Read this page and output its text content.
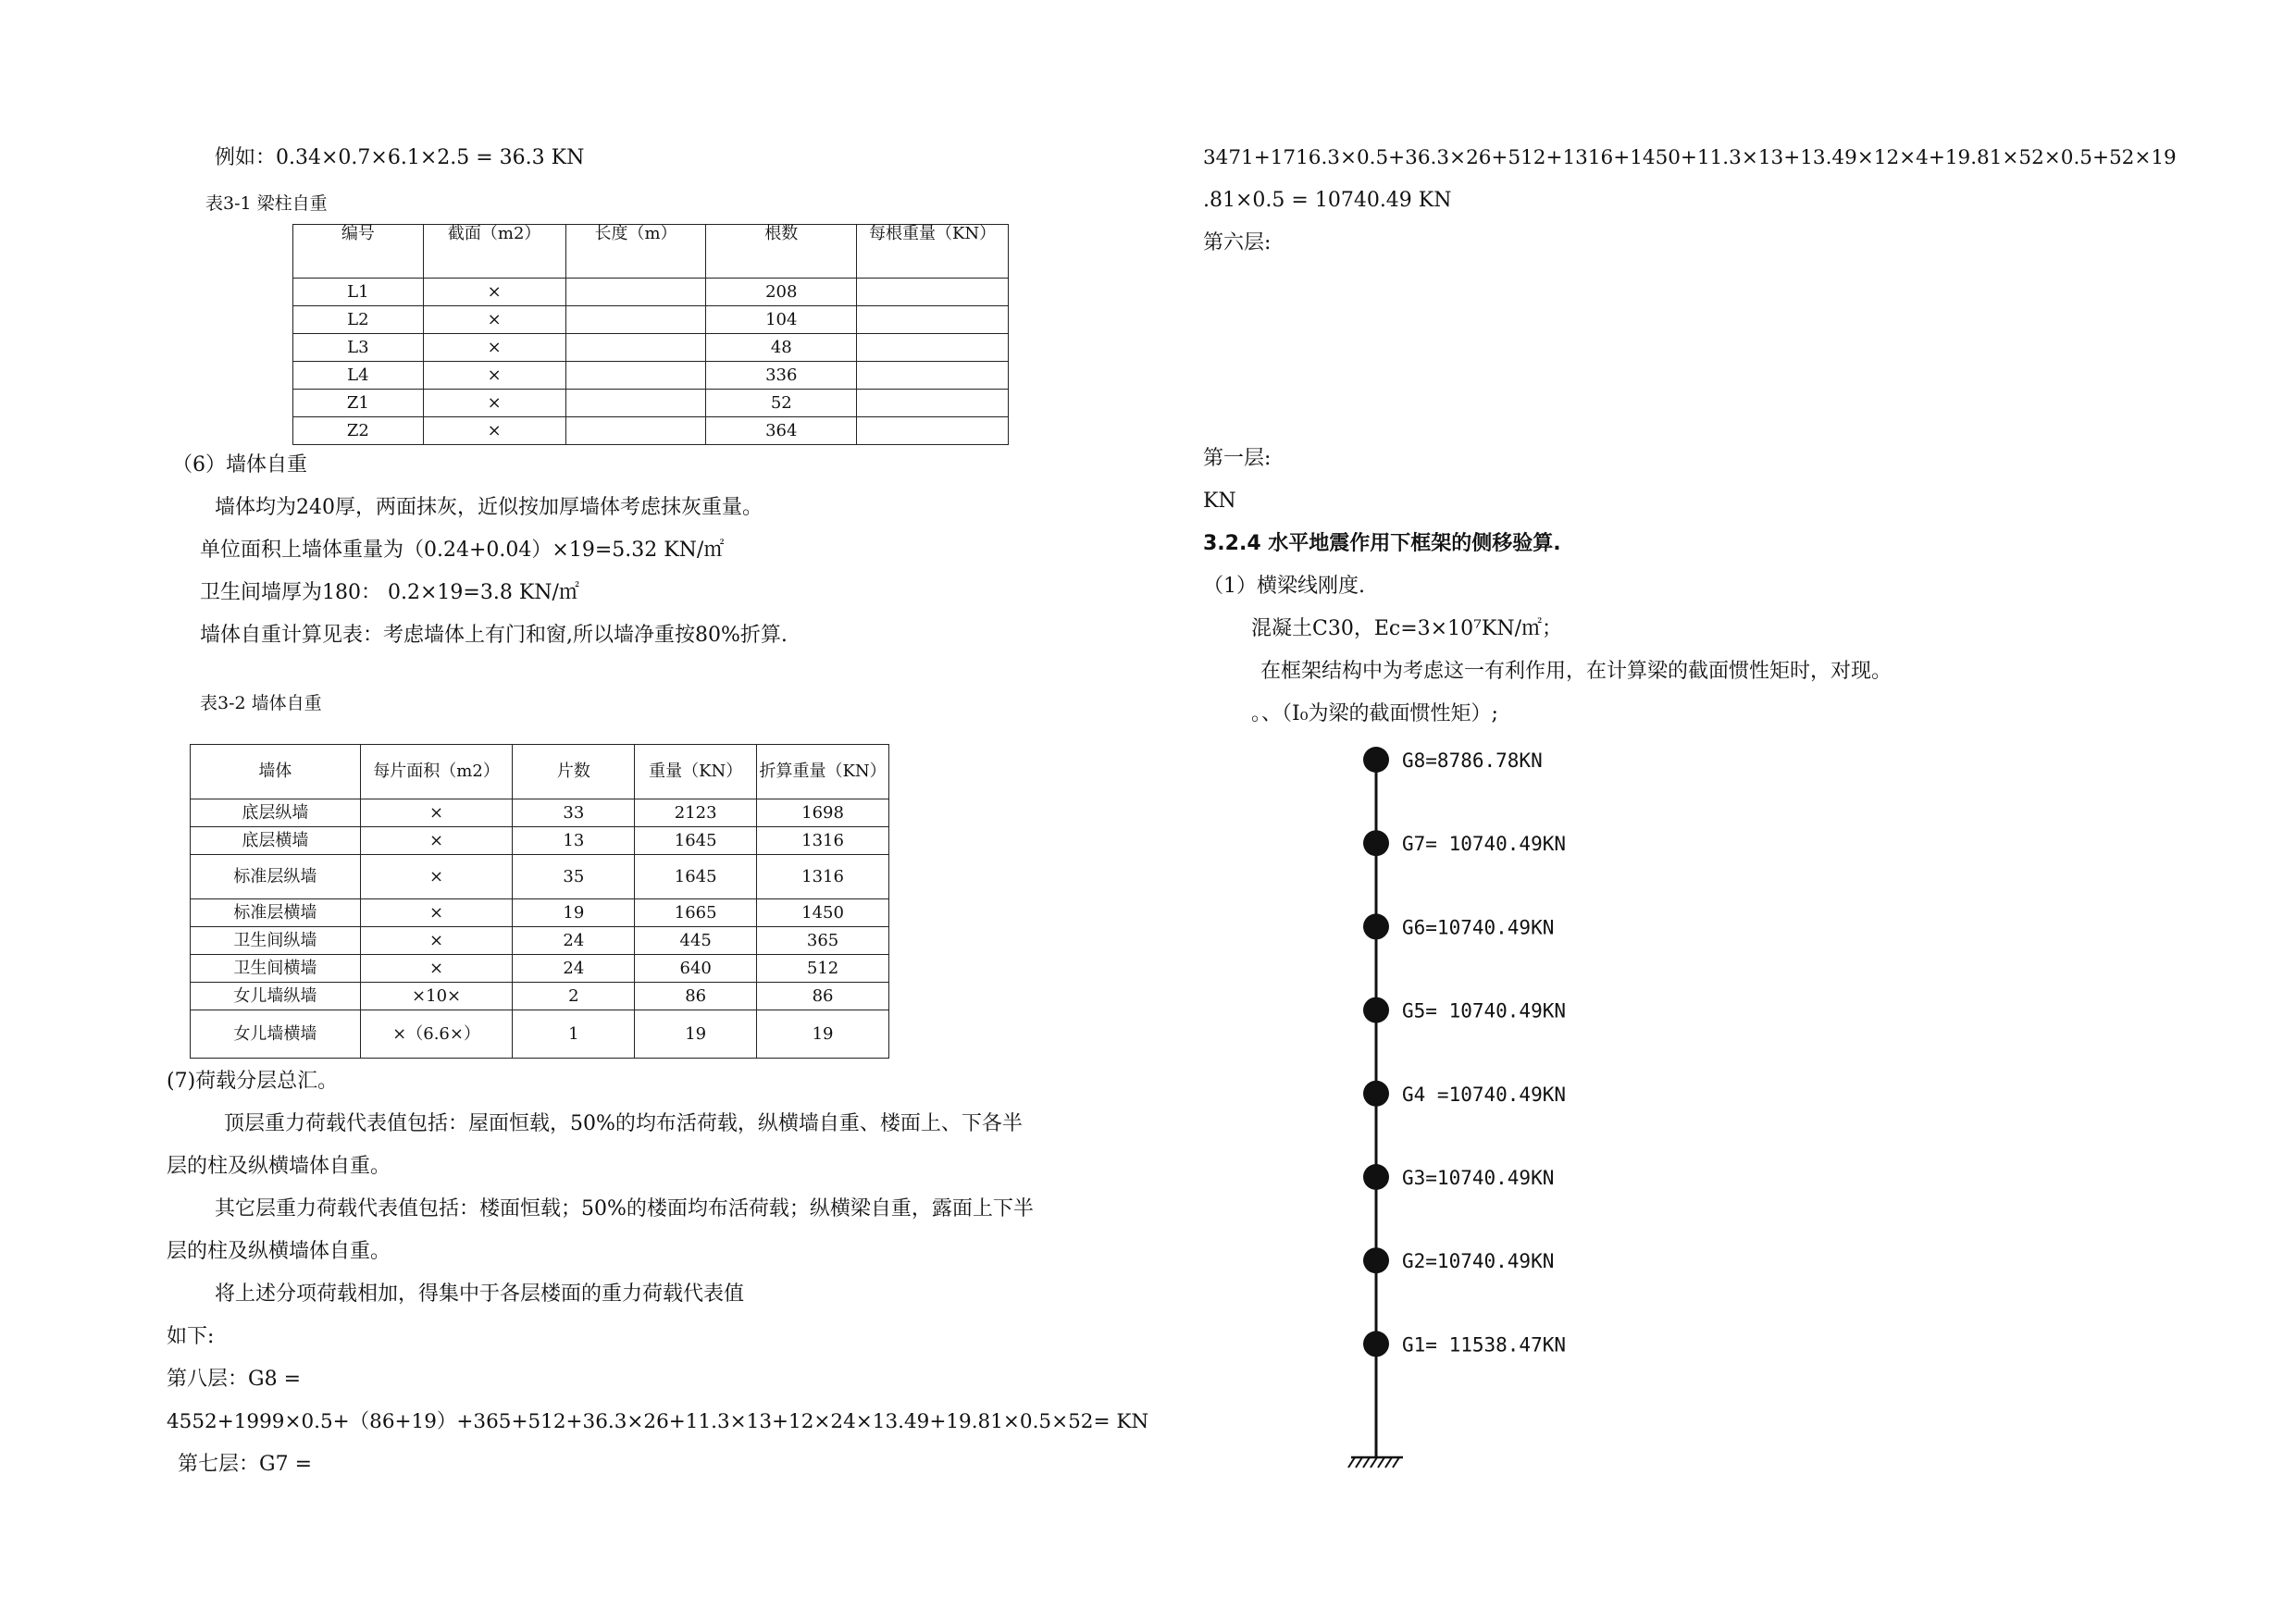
例如：0.34×0.7×6.1×2.5 = 36.3 KN
表3-1 梁柱自重
编号	截面（m2）	长度（m）	根数	每根重量（KN）
L1	×		208	
L2	×		104	
L3	×		48	
L4	×		336	
Z1	×		52	
Z2	×		364	
（6）墙体自重
墙体均为240厚，两面抹灰，近似按加厚墙体考虑抹灰重量。
单位面积上墙体重量为（0.24+0.04）×19=5.32 KN/㎡
卫生间墙厚为180： 0.2×19=3.8 KN/㎡
墙体自重计算见表：考虑墙体上有门和窗,所以墙净重按80%折算.
表3-2 墙体自重
墙体	每片面积（m2）	片数	重量（KN）	折算重量（KN）
底层纵墙	×	33	2123	1698
底层横墙	×	13	1645	1316
标准层纵墙	×	35	1645	1316
标准层横墙	×	19	1665	1450
卫生间纵墙	×	24	445	365
卫生间横墙	×	24	640	512
女儿墙纵墙	×10×	2	86	86
女儿墙横墙	×（6.6×）	1	19	19
(7)荷载分层总汇。
顶层重力荷载代表值包括：屋面恒载，50%的均布活荷载，纵横墙自重、楼面上、下各半
层的柱及纵横墙体自重。
其它层重力荷载代表值包括：楼面恒载；50%的楼面均布活荷载；纵横梁自重，露面上下半
层的柱及纵横墙体自重。
将上述分项荷载相加，得集中于各层楼面的重力荷载代表值
如下:
第八层：G8 =
4552+1999×0.5+（86+19）+365+512+36.3×26+11.3×13+12×24×13.49+19.81×0.5×52= KN
第七层：G7 =
3471+1716.3×0.5+36.3×26+512+1316+1450+11.3×13+13.49×12×4+19.81×52×0.5+52×19
.81×0.5 = 10740.49 KN
第六层:
第一层:
KN
3.2.4 水平地震作用下框架的侧移验算.
（1）横梁线刚度.
混凝土C30，Ec=3×10⁷KN/㎡；
在框架结构中为考虑这一有利作用，在计算梁的截面惯性矩时，对现。
。、（I₀为梁的截面惯性矩）;
G8=8786.78KN
G7= 10740.49KN
G6=10740.49KN
G5= 10740.49KN
G4 =10740.49KN
G3=10740.49KN
G2=10740.49KN
G1= 11538.47KN
